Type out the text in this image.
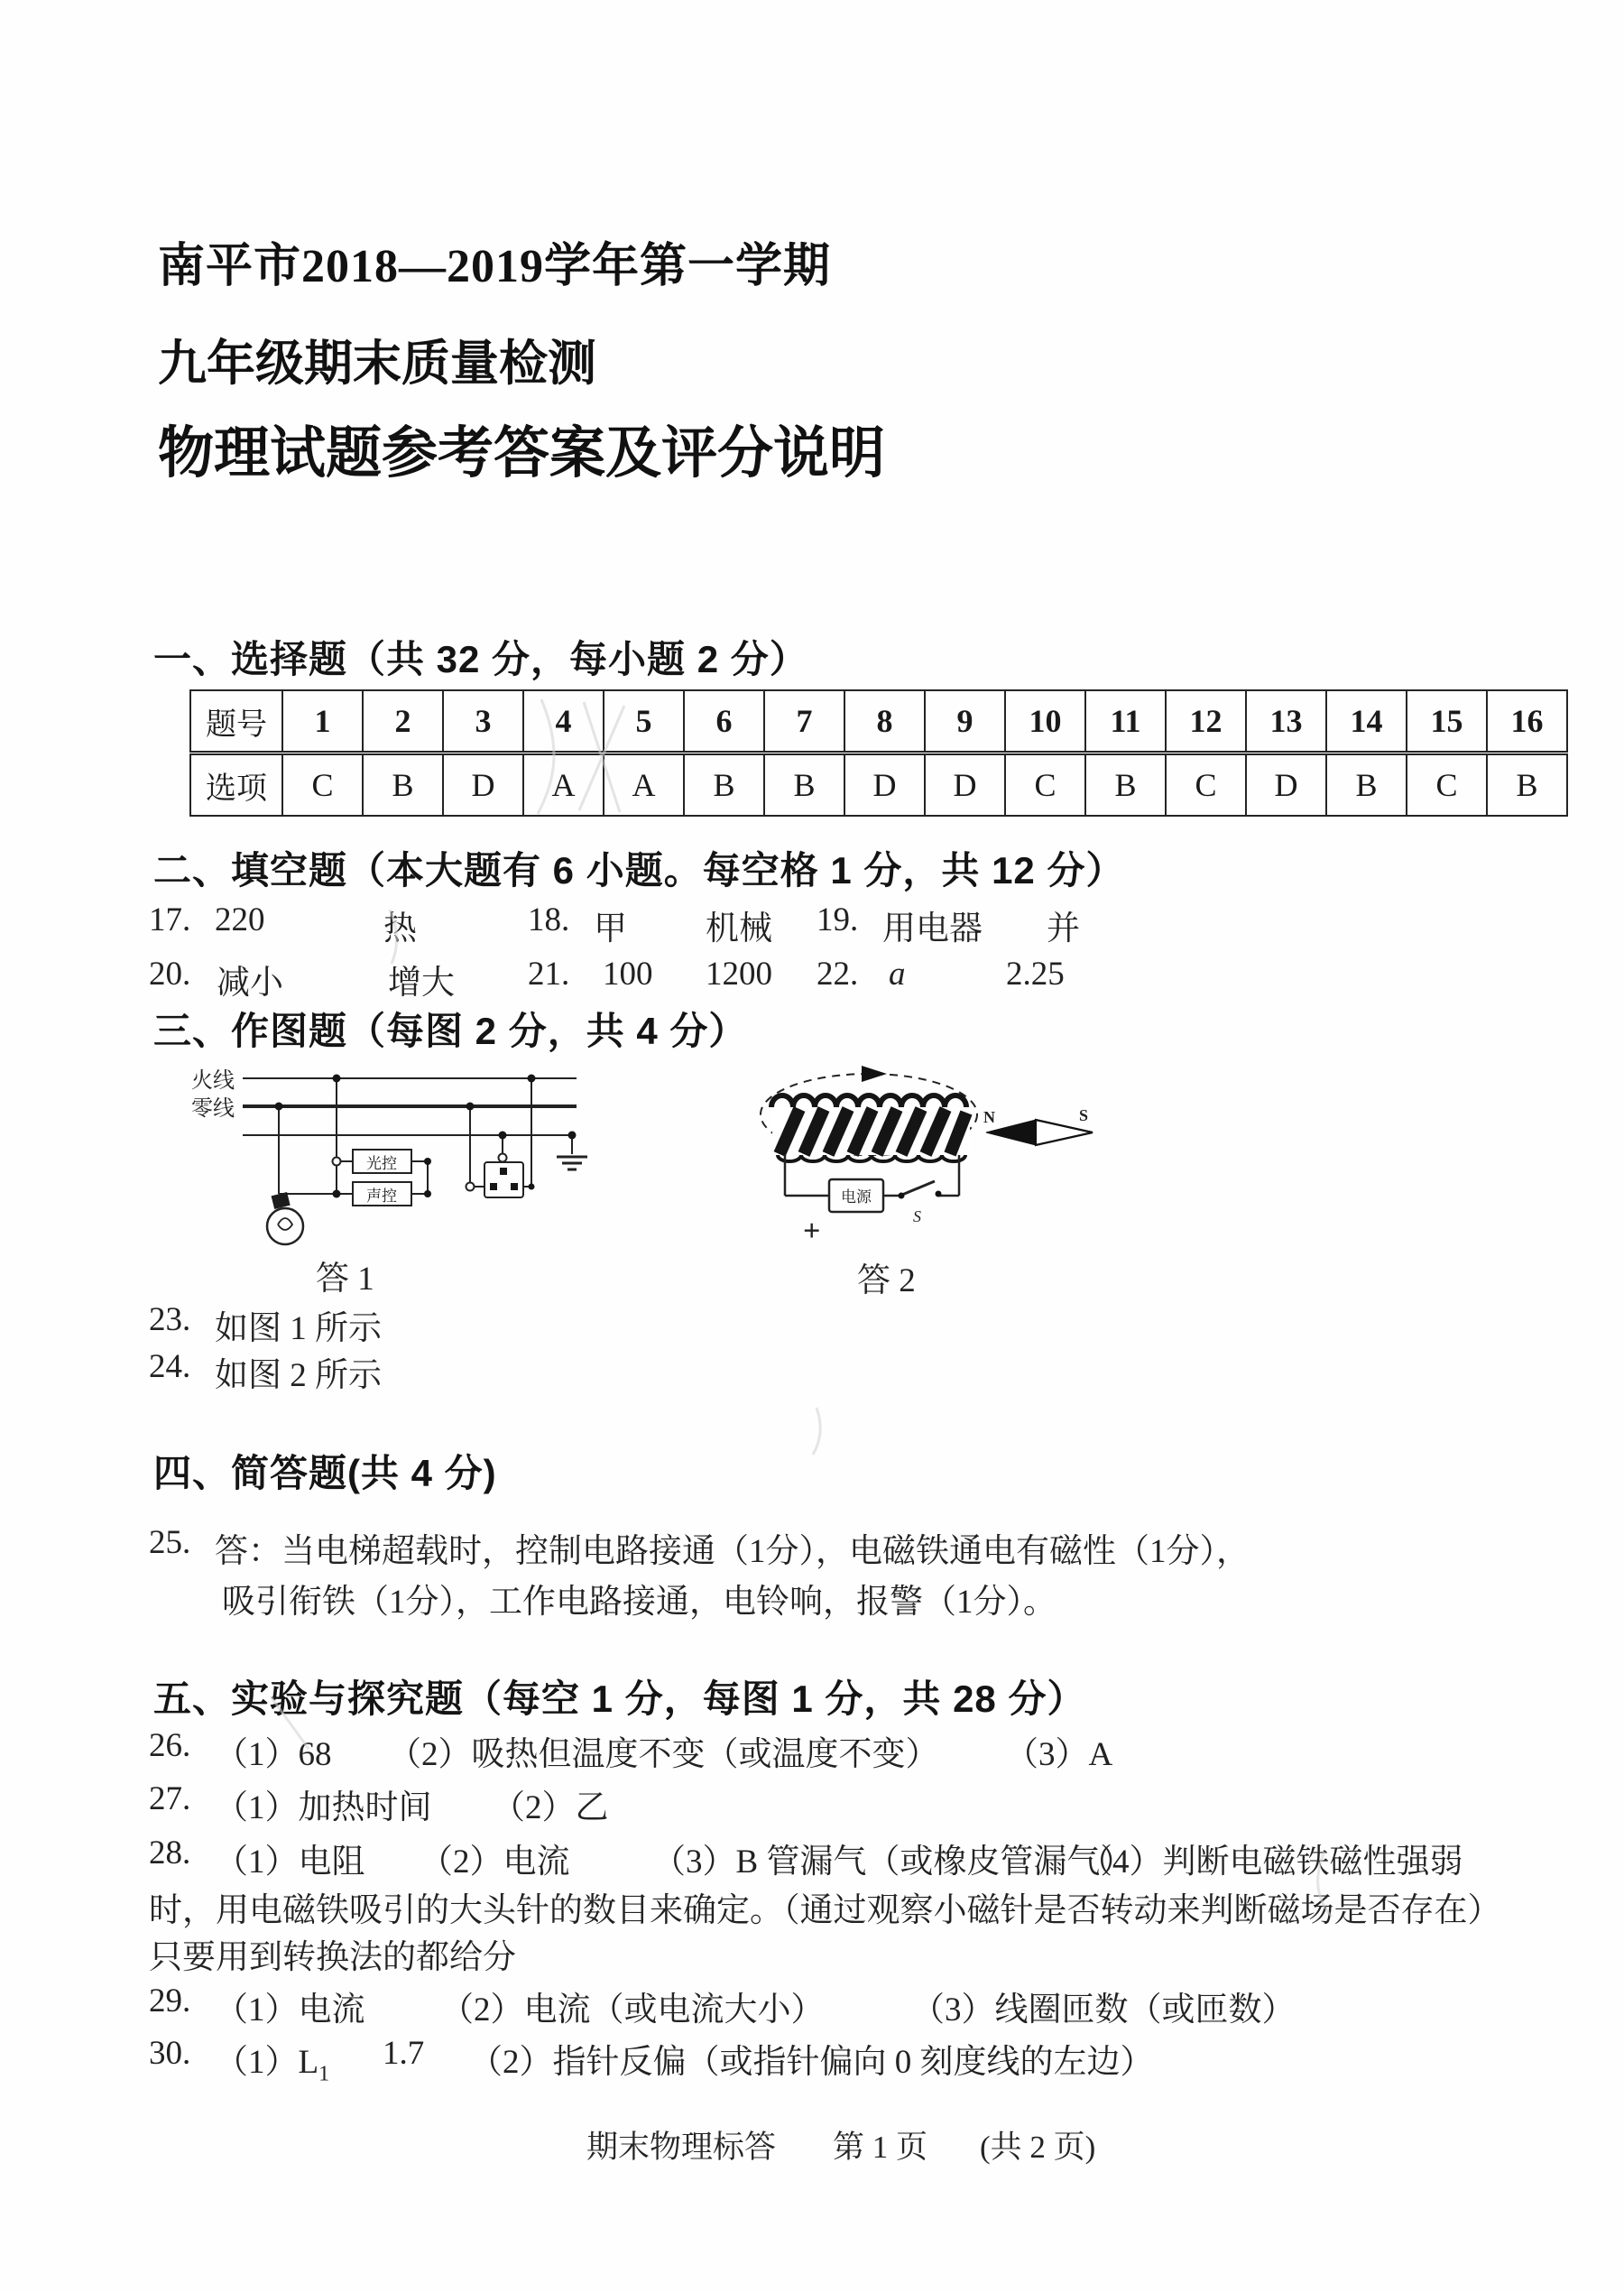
南平市2018—2019学年第一学期
九年级期末质量检测
物理试题参考答案及评分说明
一、选择题（共 32 分，每小题 2 分）
题号	1	2	3	4	5	6	7	8	9	10	11	12	13	14	15	16
选项	C	B	D	A	A	B	B	D	D	C	B	C	D	B	C	B
二、填空题（本大题有 6 小题。每空格 1 分，共 12 分）
17. 220	热	18. 甲 机械 19. 用电器 并
20. 减小	增大 21. 100 1200 22. a	2.25
三、作图题（每图 2 分，共 4 分）
火线
零线
光控
声控
答 1
电源
+	S
N	S
答 2
23. 如图 1 所示
24. 如图 2 所示
四、简答题(共 4 分)
25. 答：当电梯超载时，控制电路接通（1分），电磁铁通电有磁性（1分），
吸引衔铁（1分），工作电路接通，电铃响，报警（1分）。
五、实验与探究题（每空 1 分，每图 1 分，共 28 分）
26. （1）68 （2）吸热但温度不变（或温度不变） （3）A
27. （1）加热时间 （2）乙
28. （1）电阻 （2）电流 （3）B 管漏气（或橡皮管漏气）
（4）判断电磁铁磁性强弱
时，用电磁铁吸引的大头针的数目来确定。（通过观察小磁针是否转动来判断磁场是否存在）
只要用到转换法的都给分
29. （1）电流 （2）电流（或电流大小）	（3）线圈匝数（或匝数）
30. $(1)L_1$
1.7 （2）指针反偏（或指针偏向 0 刻度线的左边）
期末物理标答 第 1 页 (共 2 页)
